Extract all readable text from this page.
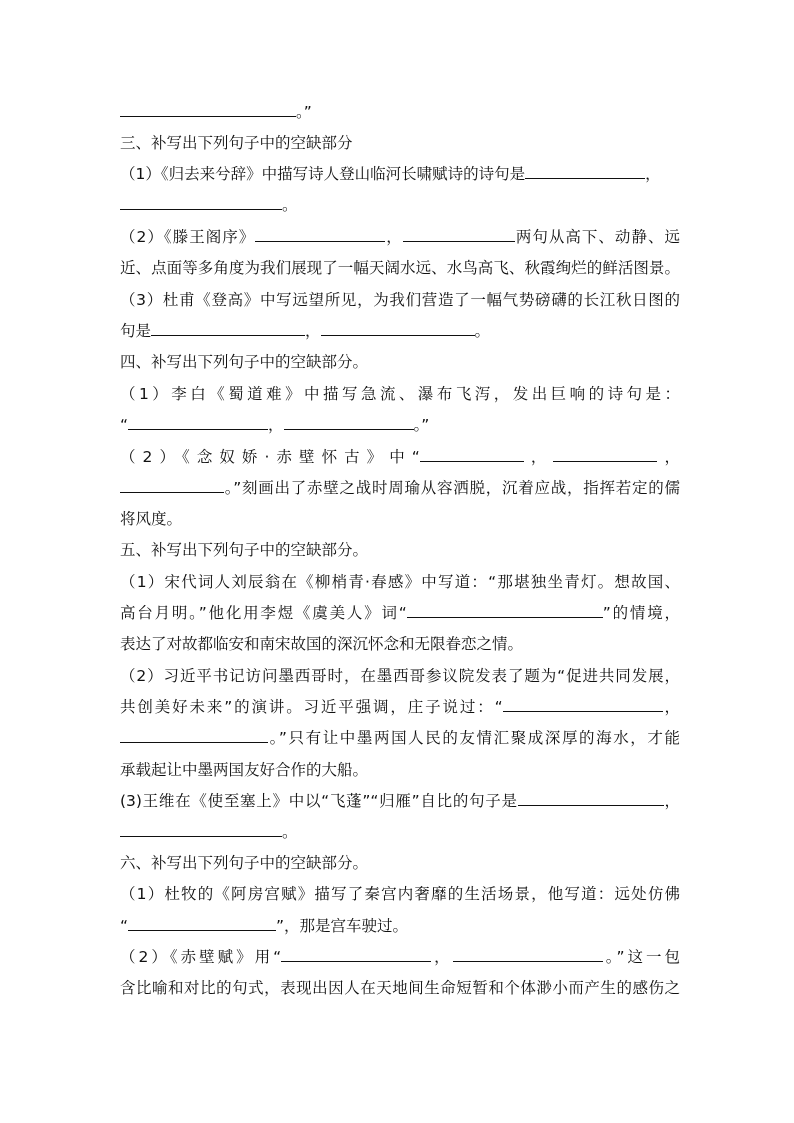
。”
三、补写出下列句子中的空缺部分
（1）《归去来兮辞》中描写诗人登山临河长啸赋诗的诗句是	，
。
（2）《滕王阁序》	，	两句从高下、动静、远
近、点面等多角度为我们展现了一幅天阔水远、水鸟高飞、秋霞绚烂的鲜活图景。
（3）杜甫《登高》中写远望所见，为我们营造了一幅气势磅礴的长江秋日图的
句是	，	。
四、补写出下列句子中的空缺部分。
（1）李白《蜀道难》中描写急流、瀑布飞泻，发出巨响的诗句是：
“	，	。”
（2）《念奴娇·赤壁怀古》中“	，	，
。”刻画出了赤壁之战时周瑜从容洒脱，沉着应战，指挥若定的儒
将风度。
五、补写出下列句子中的空缺部分。
（1）宋代词人刘辰翁在《柳梢青·春感》中写道：“那堪独坐青灯。想故国、
高台月明。”他化用李煜《虞美人》词“	”的情境，
表达了对故都临安和南宋故国的深沉怀念和无限眷恋之情。
（2）习近平书记访问墨西哥时，在墨西哥参议院发表了题为“促进共同发展，
共创美好未来”的演讲。习近平强调，庄子说过：“	，
。”只有让中墨两国人民的友情汇聚成深厚的海水，才能
承载起让中墨两国友好合作的大船。
(3)王维在《使至塞上》中以“飞蓬”“归雁”自比的句子是	，
。
六、补写出下列句子中的空缺部分。
（1）杜牧的《阿房宫赋》描写了秦宫内奢靡的生活场景，他写道：远处仿佛
“	”，那是宫车驶过。
（2）《赤壁赋》用“	，	。”这一包
含比喻和对比的句式，表现出因人在天地间生命短暂和个体渺小而产生的感伤之
